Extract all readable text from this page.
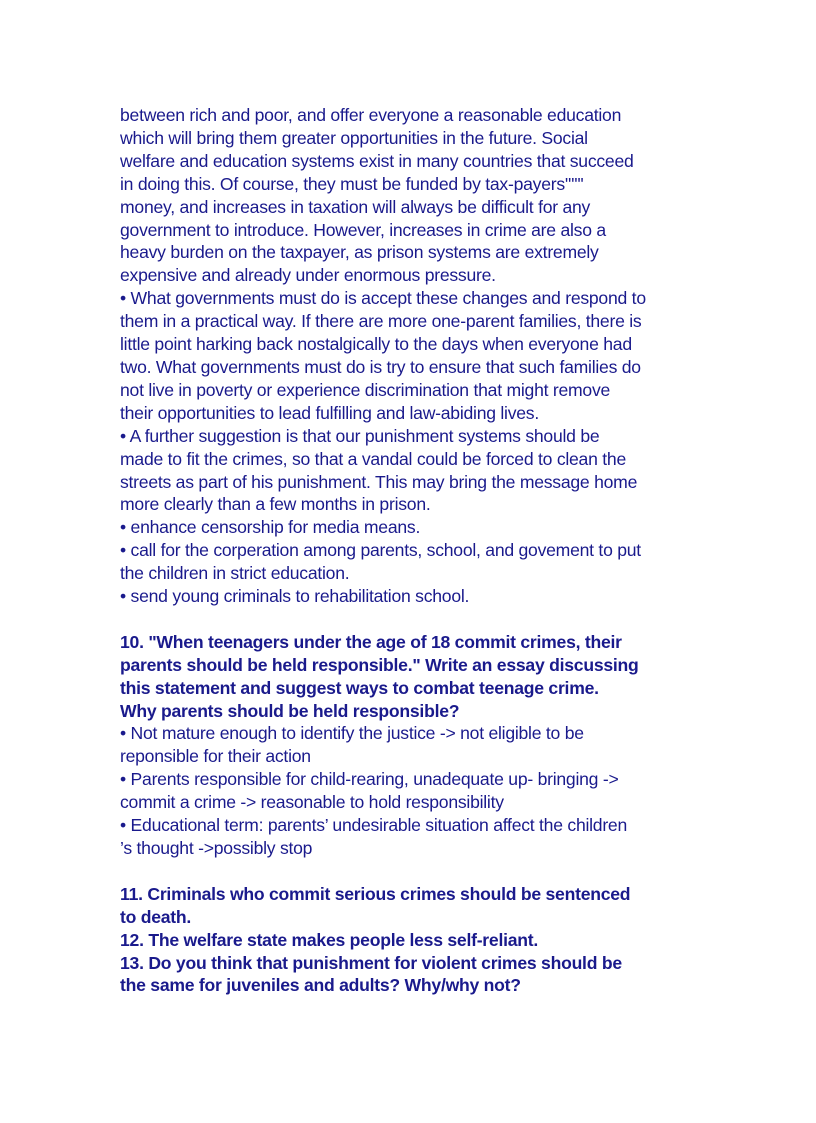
between rich and poor, and offer everyone a reasonable education
which will bring them greater opportunities in the future. Social
welfare and education systems exist in many countries that succeed
in doing this. Of course, they must be funded by tax-payers''''''
money, and increases in taxation will always be difficult for any
government to introduce. However, increases in crime are also a
heavy burden on the taxpayer, as prison systems are extremely
expensive and already under enormous pressure.
• What governments must do is accept these changes and respond to
them in a practical way. If there are more one-parent families, there is
little point harking back nostalgically to the days when everyone had
two. What governments must do is try to ensure that such families do
not live in poverty or experience discrimination that might remove
their opportunities to lead fulfilling and law-abiding lives.
• A further suggestion is that our punishment systems should be
made to fit the crimes, so that a vandal could be forced to clean the
streets as part of his punishment. This may bring the message home
more clearly than a few months in prison.
• enhance censorship for media means.
• call for the corperation among parents, school, and govement to put
the children in strict education.
• send young criminals to rehabilitation school.
10. "When teenagers under the age of 18 commit crimes, their
parents should be held responsible." Write an essay discussing
this statement and suggest ways to combat teenage crime.
Why parents should be held responsible?
• Not mature enough to identify the justice -> not eligible to be
reponsible for their action
• Parents responsible for child-rearing, unadequate up- bringing ->
commit a crime -> reasonable to hold responsibility
• Educational term: parents’ undesirable situation affect the children
’s thought ->possibly stop
11. Criminals who commit serious crimes should be sentenced
to death.
12. The welfare state makes people less self-reliant.
13. Do you think that punishment for violent crimes should be
the same for juveniles and adults? Why/why not?
